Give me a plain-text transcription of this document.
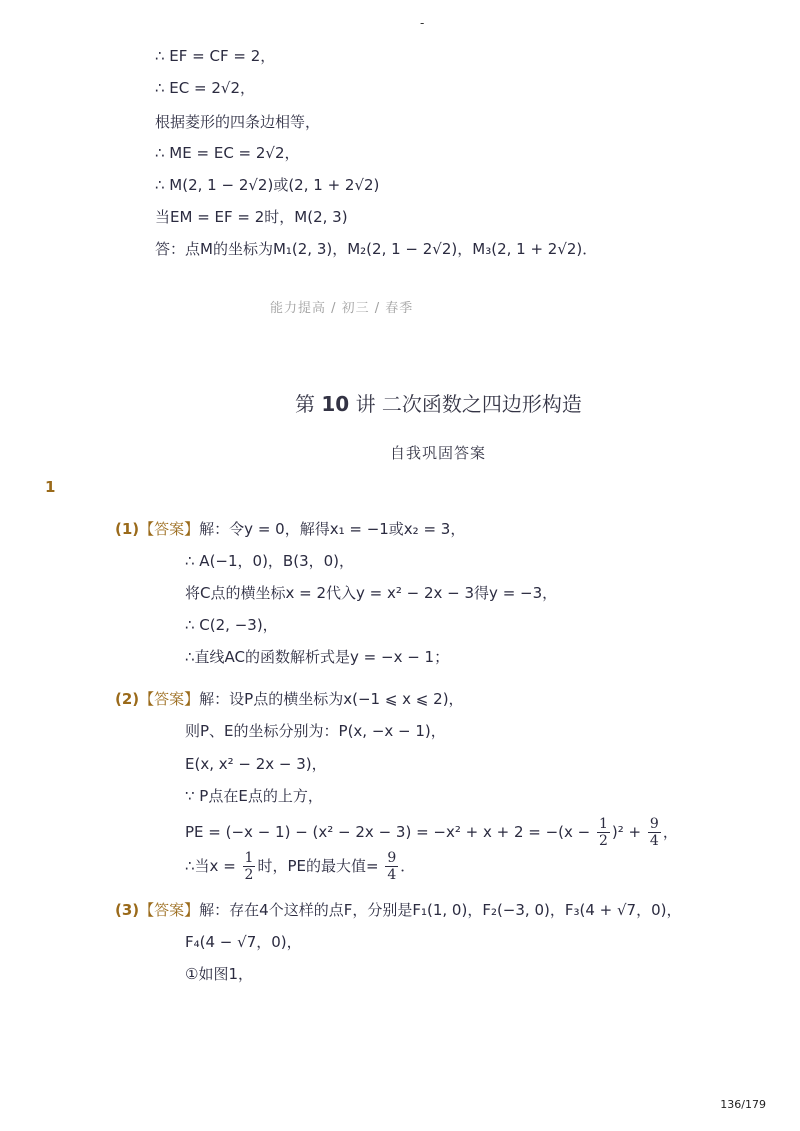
-
∴ EF = CF = 2，
∴ EC = 2√2，
根据菱形的四条边相等，
∴ ME = EC = 2√2，
∴ M(2, 1 − 2√2)或(2, 1 + 2√2)
当EM = EF = 2时，M(2, 3)
答：点M的坐标为M₁(2, 3)，M₂(2, 1 − 2√2)，M₃(2, 1 + 2√2)．
能力提高 / 初三 / 春季
第 10 讲 二次函数之四边形构造
自我巩固答案
1
(1)【答案】解：令y = 0，解得x₁ = −1或x₂ = 3，
∴ A(−1，0)，B(3，0)，
将C点的横坐标x = 2代入y = x² − 2x − 3得y = −3，
∴ C(2, −3)，
∴直线AC的函数解析式是y = −x − 1；
(2)【答案】解：设P点的横坐标为x(−1 ⩽ x ⩽ 2)，
则P、E的坐标分别为：P(x, −x − 1)，
E(x, x² − 2x − 3)，
∵ P点在E点的上方，
PE = $(-x - 1) - (x^2 - 2x - 3) = -x^2 + x + 2 = -(x - \frac{1}{2} )^2 + \frac{9}{4}$ ，
∴当$x = \frac{1}{2}$ 时，PE的最大值= $\frac{9}{4}$ ．
(3)【答案】解：存在4个这样的点F，分别是F₁(1, 0)，F₂(−3, 0)，F₃(4 + √7，0)，
F₄(4 − √7，0)，
①如图1，
136/179
